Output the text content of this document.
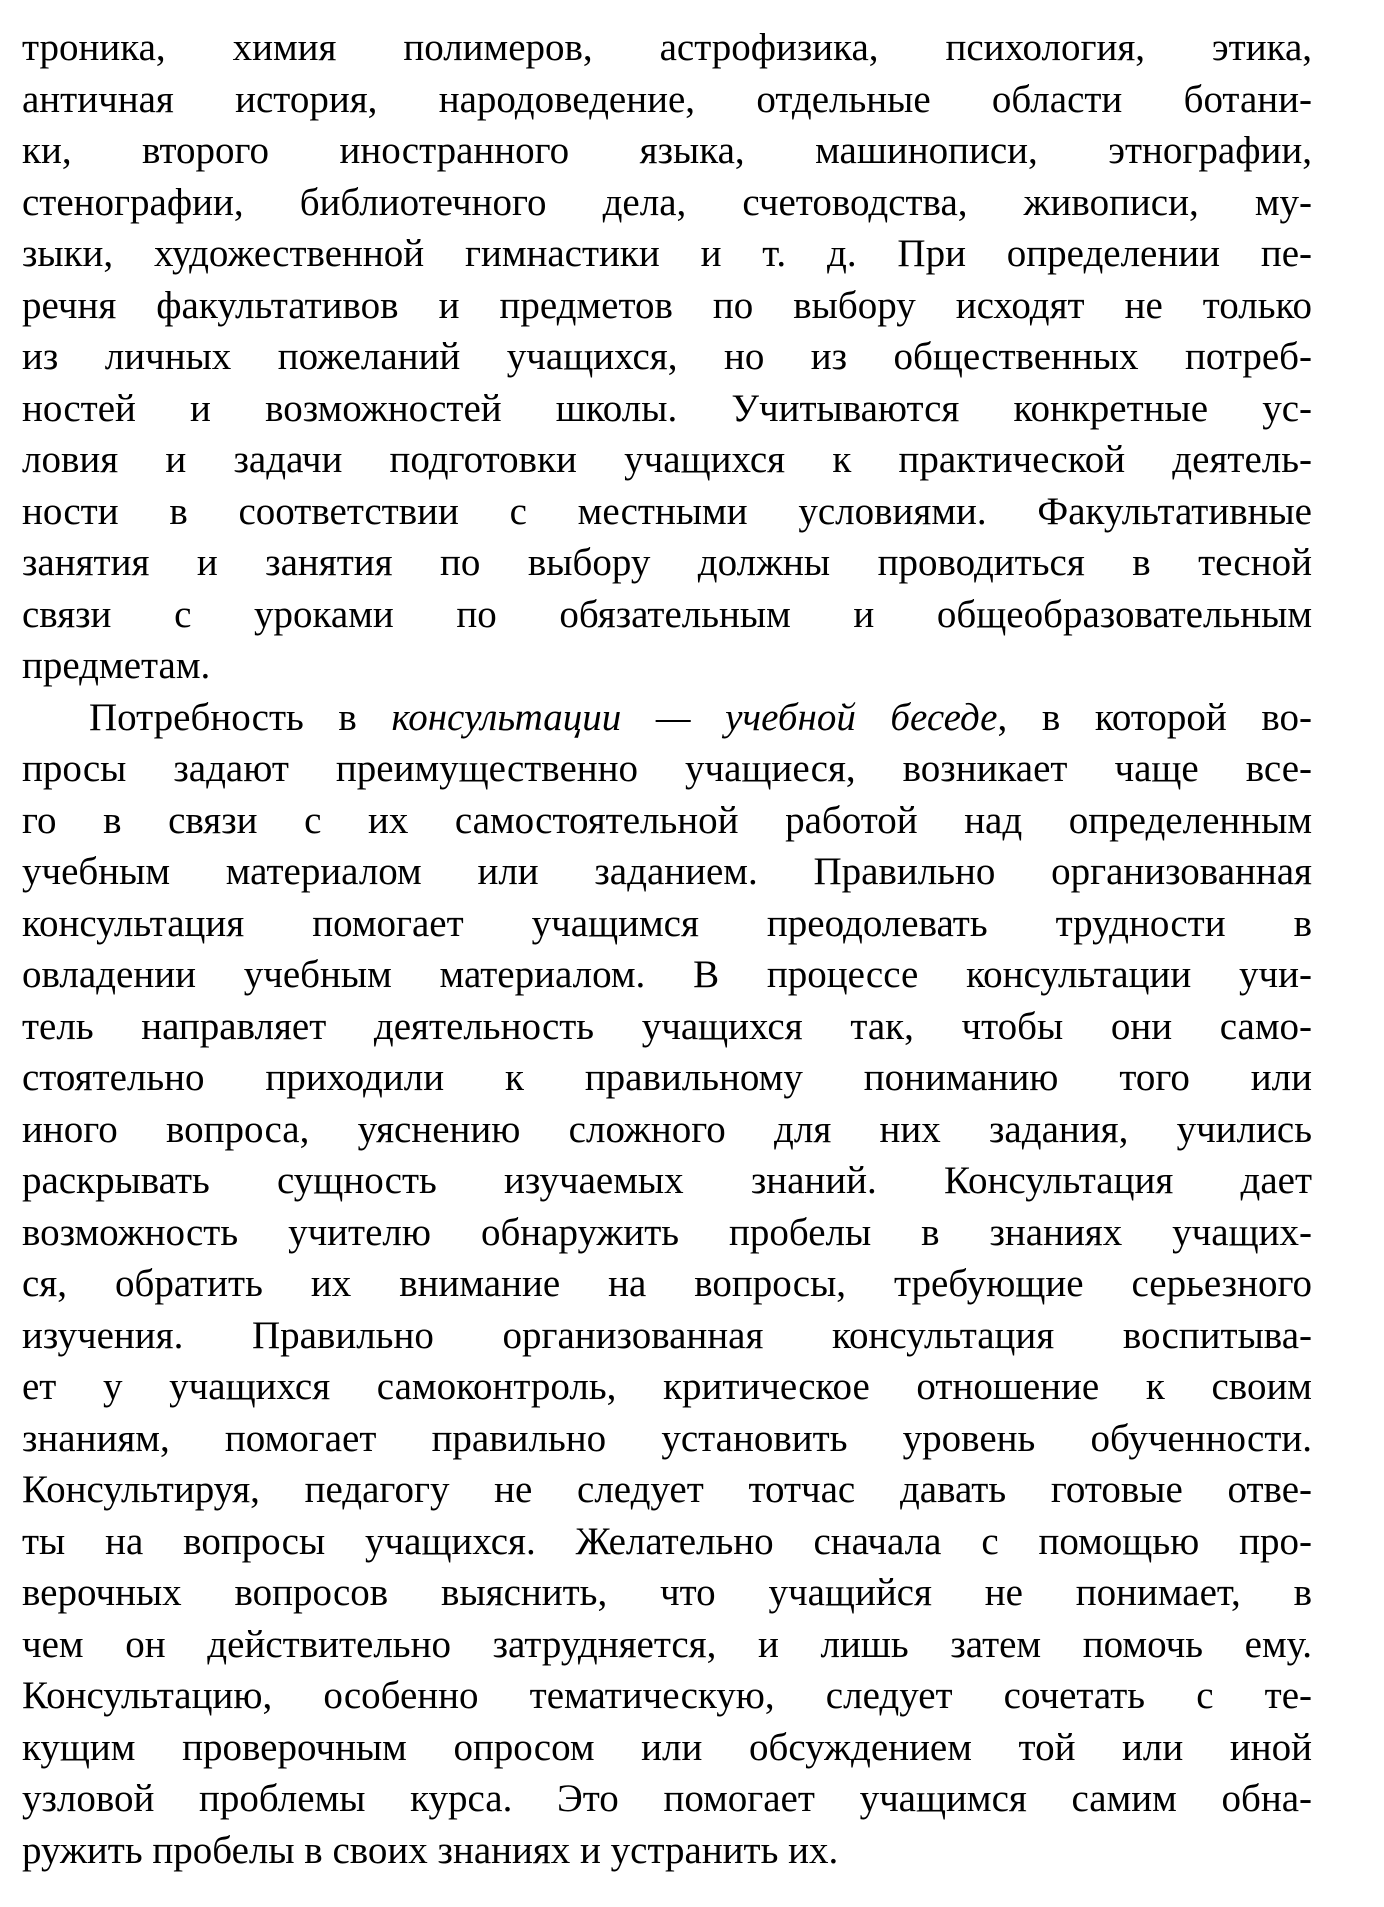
троника, химия полимеров, астрофизика, психология, этика,
античная история, народоведение, отдельные области ботани-
ки, второго иностранного языка, машинописи, этнографии,
стенографии, библиотечного дела, счетоводства, живописи, му-
зыки, художественной гимнастики и т. д. При определении пе-
речня факультативов и предметов по выбору исходят не только
из личных пожеланий учащихся, но из общественных потреб-
ностей и возможностей школы. Учитываются конкретные ус-
ловия и задачи подготовки учащихся к практической деятель-
ности в соответствии с местными условиями. Факультативные
занятия и занятия по выбору должны проводиться в тесной
связи с уроками по обязательным и общеобразовательным
предметам.
Потребность в консультации — учебной беседе, в которой во-
просы задают преимущественно учащиеся, возникает чаще все-
го в связи с их самостоятельной работой над определенным
учебным материалом или заданием. Правильно организованная
консультация помогает учащимся преодолевать трудности в
овладении учебным материалом. В процессе консультации учи-
тель направляет деятельность учащихся так, чтобы они само-
стоятельно приходили к правильному пониманию того или
иного вопроса, уяснению сложного для них задания, учились
раскрывать сущность изучаемых знаний. Консультация дает
возможность учителю обнаружить пробелы в знаниях учащих-
ся, обратить их внимание на вопросы, требующие серьезного
изучения. Правильно организованная консультация воспитыва-
ет у учащихся самоконтроль, критическое отношение к своим
знаниям, помогает правильно установить уровень обученности.
Консультируя, педагогу не следует тотчас давать готовые отве-
ты на вопросы учащихся. Желательно сначала с помощью про-
верочных вопросов выяснить, что учащийся не понимает, в
чем он действительно затрудняется, и лишь затем помочь ему.
Консультацию, особенно тематическую, следует сочетать с те-
кущим проверочным опросом или обсуждением той или иной
узловой проблемы курса. Это помогает учащимся самим обна-
ружить пробелы в своих знаниях и устранить их.
